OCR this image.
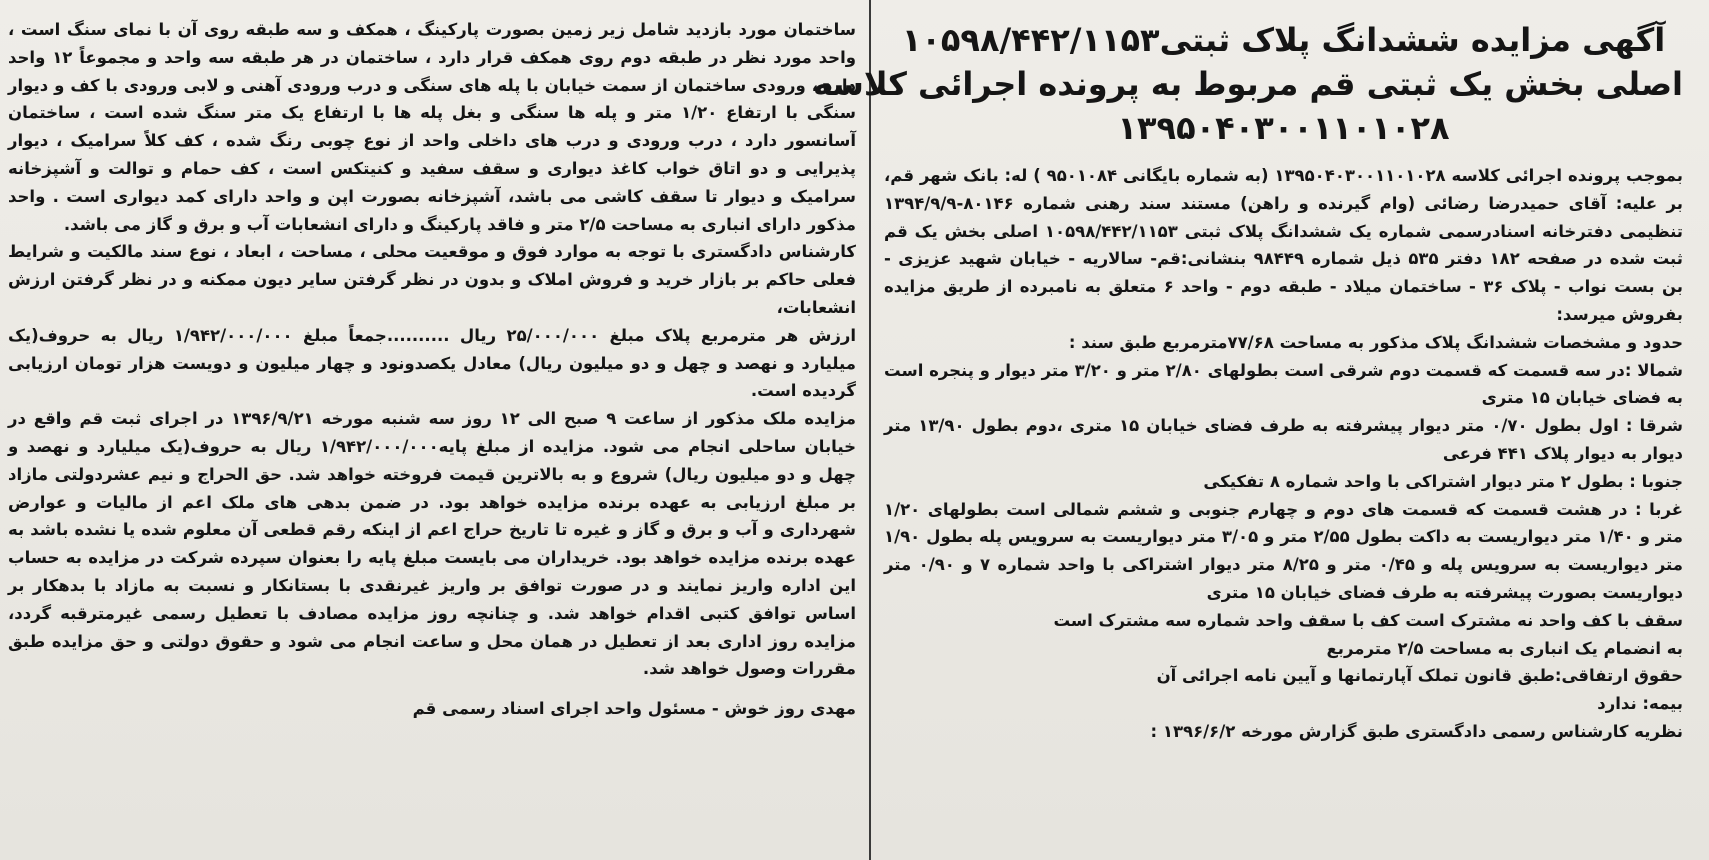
آگهی مزایده ششدانگ پلاک ثبتی۱۰۵۹۸/۴۴۲/۱۱۵۳
اصلی بخش یک ثبتی قم مربوط به پرونده اجرائی کلاسه
۱۳۹۵۰۴۰۳۰۰۱۱۰۱۰۲۸

بموجب پرونده اجرائی کلاسه ۱۳۹۵۰۴۰۳۰۰۱۱۰۱۰۲۸ (به شماره بایگانی ۹۵۰۱۰۸۴ ) له: بانک شهر قم، بر علیه: آقای حمیدرضا رضائی (وام گیرنده و راهن) مستند سند رهنی شماره ۸۰۱۴۶-۱۳۹۴/۹/۹ تنظیمی دفترخانه اسنادرسمی شماره یک ششدانگ پلاک ثبتی ۱۰۵۹۸/۴۴۲/۱۱۵۳ اصلی بخش یک قم ثبت شده در صفحه ۱۸۲ دفتر ۵۳۵ ذیل شماره ۹۸۴۴۹ بنشانی:قم- سالاریه - خیابان شهید عزیزی - بن بست نواب - پلاک ۳۶ - ساختمان میلاد - طبقه دوم - واحد ۶ متعلق به نامبرده از طریق مزایده بفروش میرسد:

حدود و مشخصات ششدانگ پلاک مذکور به مساحت ۷۷/۶۸مترمربع طبق سند :

شمالا :در سه قسمت که قسمت دوم شرقی است بطولهای ۲/۸۰ متر و ۳/۲۰ متر دیوار و پنجره است به فضای خیابان ۱۵ متری

شرقا : اول بطول ۰/۷۰ متر دیوار پیشرفته به طرف فضای خیابان ۱۵ متری ،دوم بطول ۱۳/۹۰ متر دیوار به دیوار پلاک ۴۴۱ فرعی

جنوبا : بطول ۲ متر دیوار اشتراکی با واحد شماره ۸ تفکیکی

غربا : در هشت قسمت که قسمت های دوم و چهارم جنوبی و ششم شمالی است بطولهای ۱/۲۰ متر و ۱/۴۰ متر دیواریست به داکت بطول ۲/۵۵ متر و ۳/۰۵ متر دیواریست به سرویس پله بطول ۱/۹۰ متر دیواریست به سرویس پله و ۰/۴۵ متر و ۸/۲۵ متر دیوار اشتراکی با واحد شماره ۷ و ۰/۹۰ متر دیواریست بصورت پیشرفته به طرف فضای خیابان ۱۵ متری

سقف با کف واحد نه مشترک است کف با سقف واحد شماره سه مشترک است

به انضمام یک انباری به مساحت ۲/۵ مترمربع

حقوق ارتفاقی:طبق قانون تملک آپارتمانها و آیین نامه اجرائی آن

بیمه: ندارد

نظریه کارشناس رسمی دادگستری طبق گزارش مورخه ۱۳۹۶/۶/۲ :

ساختمان مورد بازدید شامل زیر زمین بصورت پارکینگ ، همکف و سه طبقه روی آن با نمای سنگ است ، واحد مورد نظر در طبقه دوم روی همکف قرار دارد ، ساختمان در هر طبقه سه واحد و مجموعاً ۱۲ واحد دارد ، ورودی ساختمان از سمت خیابان با پله های سنگی و درب ورودی آهنی و لابی ورودی با کف و دیوار سنگی با ارتفاع ۱/۲۰ متر و پله ها سنگی و بغل پله ها با ارتفاع یک متر سنگ شده است ، ساختمان آسانسور دارد ، درب ورودی و درب های داخلی واحد از نوع چوبی رنگ شده ، کف کلاً سرامیک ، دیوار پذیرایی و دو اتاق خواب کاغذ دیواری و سقف سفید و کنیتکس است ، کف حمام و توالت و آشپزخانه سرامیک و دیوار تا سقف کاشی می باشد، آشپزخانه بصورت اپن و واحد دارای کمد دیواری است . واحد مذکور دارای انباری به مساحت ۲/۵ متر و فاقد پارکینگ و دارای انشعابات آب و برق و گاز می باشد.

کارشناس دادگستری با توجه به موارد فوق و موقعیت محلی ، مساحت ، ابعاد ، نوع سند مالکیت و شرایط فعلی حاکم بر بازار خرید و فروش املاک و بدون در نظر گرفتن سایر دیون ممکنه و در نظر گرفتن ارزش انشعابات،

ارزش هر مترمربع پلاک مبلغ ۲۵/۰۰۰/۰۰۰ ریال ..........جمعاً مبلغ ۱/۹۴۲/۰۰۰/۰۰۰ ریال به حروف(یک میلیارد و نهصد و چهل و دو میلیون ریال) معادل یکصدونود و چهار میلیون و دویست هزار تومان ارزیابی گردیده است.

مزایده ملک مذکور از ساعت ۹ صبح الی ۱۲ روز سه شنبه مورخه ۱۳۹۶/۹/۲۱ در اجرای ثبت قم واقع در خیابان ساحلی انجام می شود. مزایده از مبلغ پایه۱/۹۴۲/۰۰۰/۰۰۰ ریال به حروف(یک میلیارد و نهصد و چهل و دو میلیون ریال) شروع و به بالاترین قیمت فروخته خواهد شد. حق الحراج و نیم عشردولتی مازاد بر مبلغ ارزیابی به عهده برنده مزایده خواهد بود. در ضمن بدهی های ملک اعم از مالیات و عوارض شهرداری و آب و برق و گاز و غیره تا تاریخ حراج اعم از اینکه رقم قطعی آن معلوم شده یا نشده باشد به عهده برنده مزایده خواهد بود. خریداران می بایست مبلغ پایه را بعنوان سپرده شرکت در مزایده به حساب این اداره واریز نمایند و در صورت توافق بر واریز غیرنقدی با بستانکار و نسبت به مازاد با بدهکار بر اساس توافق کتبی اقدام خواهد شد. و چنانچه روز مزایده مصادف با تعطیل رسمی غیرمترقبه گردد، مزایده روز اداری بعد از تعطیل در همان محل و ساعت انجام می شود و حقوق دولتی و حق مزایده طبق مقررات وصول خواهد شد.

مهدی روز خوش - مسئول واحد اجرای اسناد رسمی قم
